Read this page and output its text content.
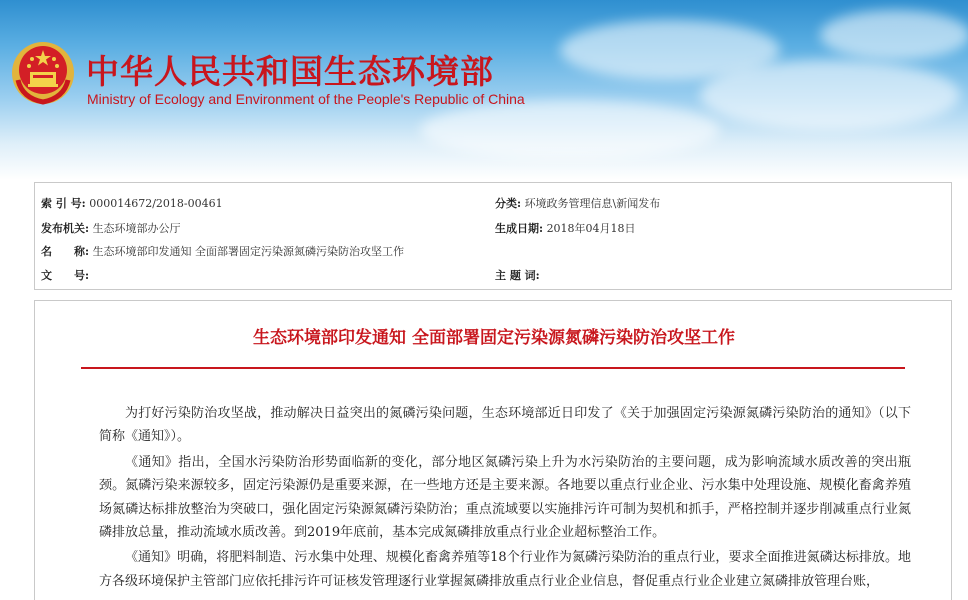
中华人民共和国生态环境部
Ministry of Ecology and Environment of the People's Republic of China
索 引 号: 000014672/2018-00461	分类: 环境政务管理信息\新闻发布
发布机关: 生态环境部办公厅	生成日期: 2018年04月18日
名　　称: 生态环境部印发通知 全面部署固定污染源氮磷污染防治攻坚工作
文　　号:	主 题 词:
生态环境部印发通知 全面部署固定污染源氮磷污染防治攻坚工作

为打好污染防治攻坚战，推动解决日益突出的氮磷污染问题，生态环境部近日印发了《关于加强固定污染源氮磷污染防治的通知》（以下简称《通知》）。

《通知》指出，全国水污染防治形势面临新的变化，部分地区氮磷污染上升为水污染防治的主要问题，成为影响流域水质改善的突出瓶颈。氮磷污染来源较多，固定污染源仍是重要来源，在一些地方还是主要来源。各地要以重点行业企业、污水集中处理设施、规模化畜禽养殖场氮磷达标排放整治为突破口，强化固定污染源氮磷污染防治；重点流域要以实施排污许可制为契机和抓手，严格控制并逐步削减重点行业氮磷排放总量，推动流域水质改善。到2019年底前，基本完成氮磷排放重点行业企业超标整治工作。

《通知》明确，将肥料制造、污水集中处理、规模化畜禽养殖等18个行业作为氮磷污染防治的重点行业，要求全面推进氮磷达标排放。地方各级环境保护主管部门应依托排污许可证核发管理逐行业掌握氮磷排放重点行业企业信息，督促重点行业企业建立氮磷排放管理台账，
